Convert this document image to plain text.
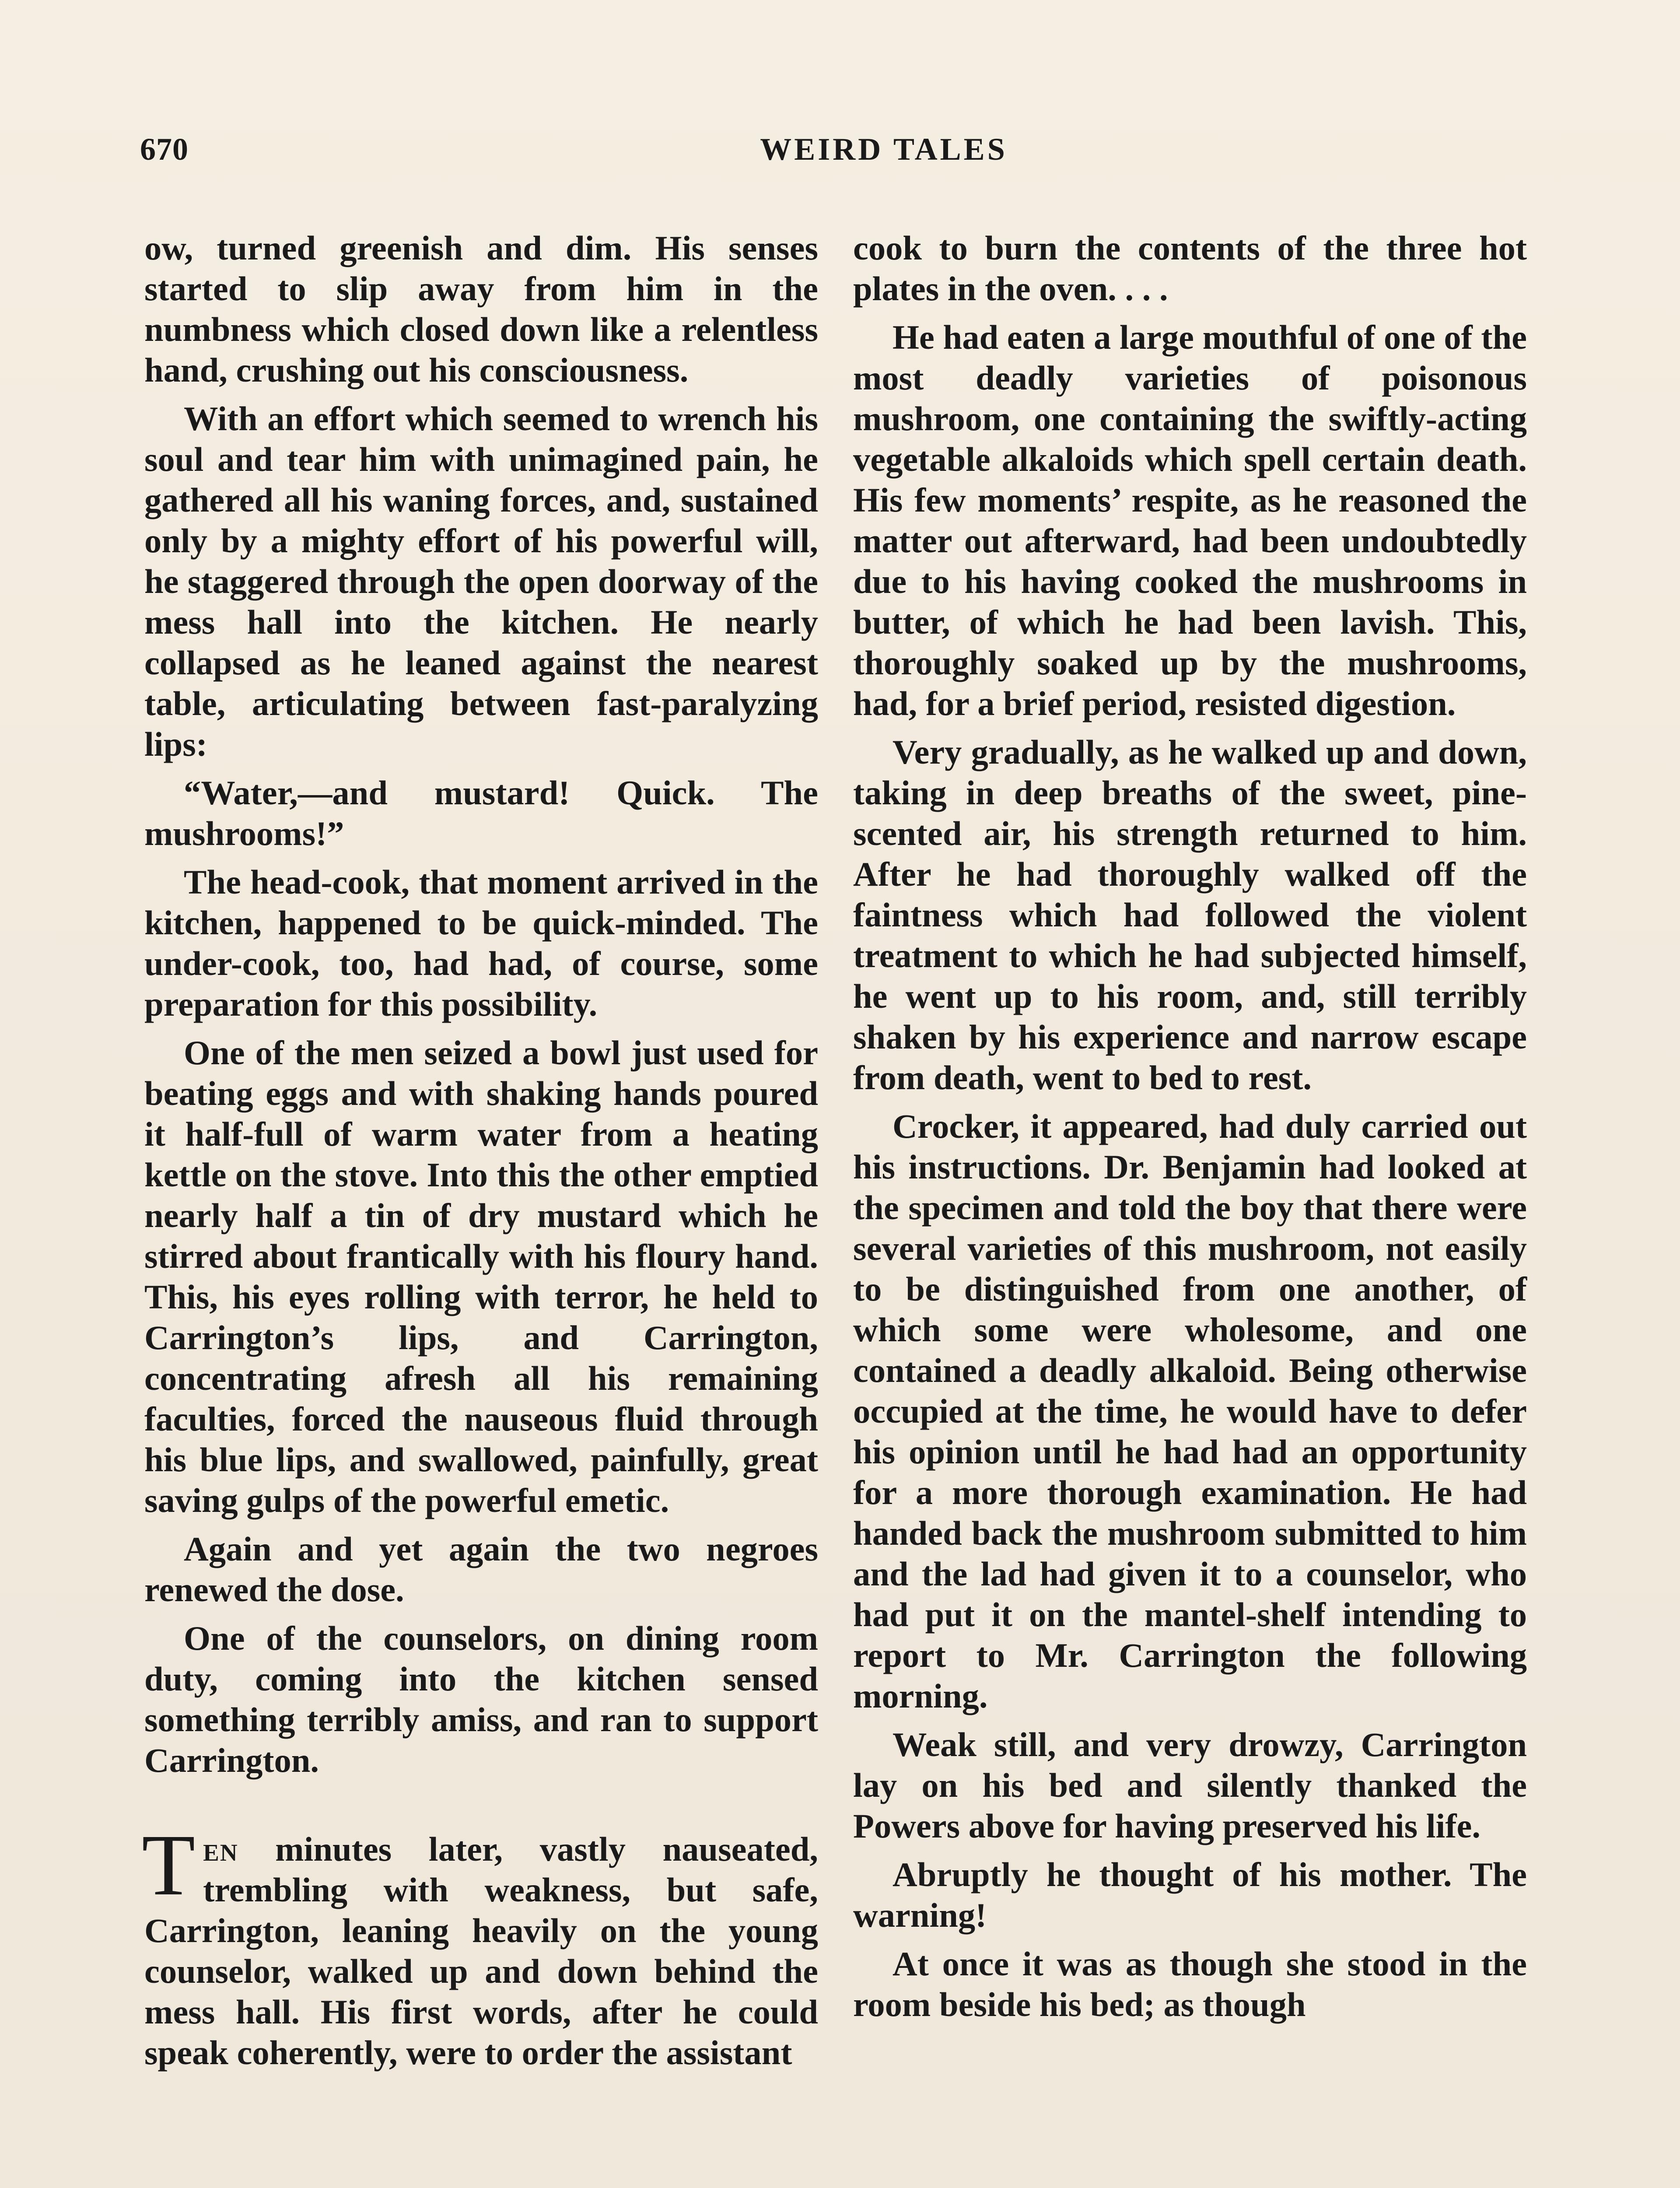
670	WEIRD TALES

ow, turned greenish and dim. His senses started to slip away from him in the numbness which closed down like a relentless hand, crushing out his consciousness.

With an effort which seemed to wrench his soul and tear him with unimagined pain, he gathered all his waning forces, and, sustained only by a mighty effort of his powerful will, he staggered through the open doorway of the mess hall into the kitchen. He nearly collapsed as he leaned against the nearest table, articulating between fast-paralyzing lips:

“Water,—and mustard! Quick. The mushrooms!”

The head-cook, that moment arrived in the kitchen, happened to be quick-minded. The under-cook, too, had had, of course, some preparation for this possibility.

One of the men seized a bowl just used for beating eggs and with shaking hands poured it half-full of warm water from a heating kettle on the stove. Into this the other emptied nearly half a tin of dry mustard which he stirred about frantically with his floury hand. This, his eyes rolling with terror, he held to Carrington’s lips, and Carrington, concentrating afresh all his remaining faculties, forced the nauseous fluid through his blue lips, and swallowed, painfully, great saving gulps of the powerful emetic.

Again and yet again the two negroes renewed the dose.

One of the counselors, on dining room duty, coming into the kitchen sensed something terribly amiss, and ran to support Carrington.

Ten minutes later, vastly nauseated, trembling with weakness, but safe, Carrington, leaning heavily on the young counselor, walked up and down behind the mess hall. His first words, after he could speak coherently, were to order the assistant

cook to burn the contents of the three hot plates in the oven. . . .

He had eaten a large mouthful of one of the most deadly varieties of poisonous mushroom, one containing the swiftly-acting vegetable alkaloids which spell certain death. His few moments’ respite, as he reasoned the matter out afterward, had been undoubtedly due to his having cooked the mushrooms in butter, of which he had been lavish. This, thoroughly soaked up by the mushrooms, had, for a brief period, resisted digestion.

Very gradually, as he walked up and down, taking in deep breaths of the sweet, pine-scented air, his strength returned to him. After he had thoroughly walked off the faintness which had followed the violent treatment to which he had subjected himself, he went up to his room, and, still terribly shaken by his experience and narrow escape from death, went to bed to rest.

Crocker, it appeared, had duly carried out his instructions. Dr. Benjamin had looked at the specimen and told the boy that there were several varieties of this mushroom, not easily to be distinguished from one another, of which some were wholesome, and one contained a deadly alkaloid. Being otherwise occupied at the time, he would have to defer his opinion until he had had an opportunity for a more thorough examination. He had handed back the mushroom submitted to him and the lad had given it to a counselor, who had put it on the mantel-shelf intending to report to Mr. Carrington the following morning.

Weak still, and very drowzy, Carrington lay on his bed and silently thanked the Powers above for having preserved his life.

Abruptly he thought of his mother. The warning!

At once it was as though she stood in the room beside his bed; as though
